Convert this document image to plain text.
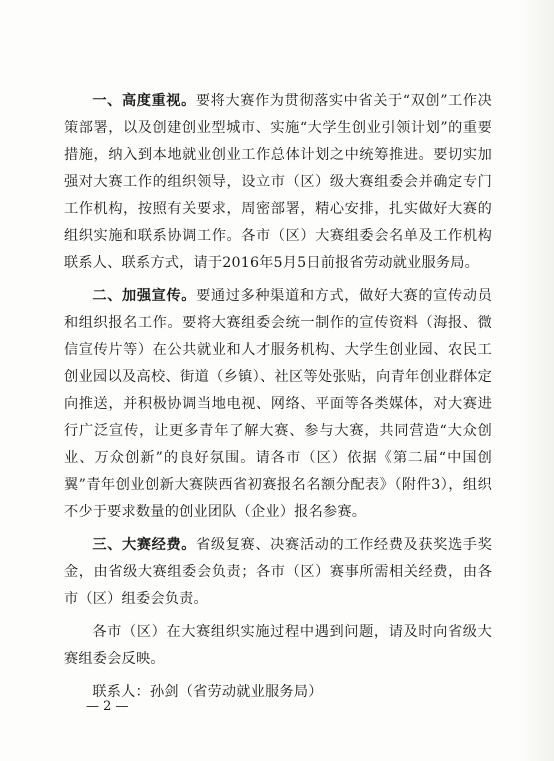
一、高度重视。要将大赛作为贯彻落实中省关于“双创”工作决策部署，以及创建创业型城市、实施“大学生创业引领计划”的重要措施，纳入到本地就业创业工作总体计划之中统筹推进。要切实加强对大赛工作的组织领导，设立市（区）级大赛组委会并确定专门工作机构，按照有关要求，周密部署，精心安排，扎实做好大赛的组织实施和联系协调工作。各市（区）大赛组委会名单及工作机构联系人、联系方式，请于2016年5月5日前报省劳动就业服务局。

二、加强宣传。要通过多种渠道和方式，做好大赛的宣传动员和组织报名工作。要将大赛组委会统一制作的宣传资料（海报、微信宣传片等）在公共就业和人才服务机构、大学生创业园、农民工创业园以及高校、街道（乡镇）、社区等处张贴，向青年创业群体定向推送，并积极协调当地电视、网络、平面等各类媒体，对大赛进行广泛宣传，让更多青年了解大赛、参与大赛，共同营造“大众创业、万众创新”的良好氛围。请各市（区）依据《第二届“中国创翼”青年创业创新大赛陕西省初赛报名名额分配表》（附件3），组织不少于要求数量的创业团队（企业）报名参赛。

三、大赛经费。省级复赛、决赛活动的工作经费及获奖选手奖金，由省级大赛组委会负责；各市（区）赛事所需相关经费，由各市（区）组委会负责。

各市（区）在大赛组织实施过程中遇到问题，请及时向省级大赛组委会反映。

联系人：孙剑（省劳动就业服务局）

— 2 —
